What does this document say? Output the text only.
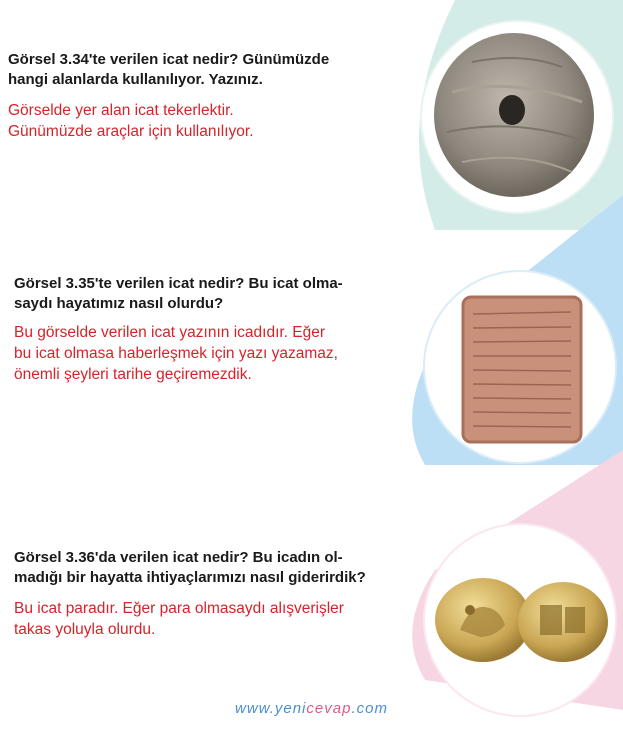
Görsel 3.34'te verilen icat nedir? Günümüzde
hangi alanlarda kullanılıyor. Yazınız.
Görselde yer alan icat tekerlektir.
Günümüzde araçlar için kullanılıyor.
Görsel 3.35'te verilen icat nedir? Bu icat olma-
saydı hayatımız nasıl olurdu?
Bu görselde verilen icat yazının icadıdır. Eğer
bu icat olmasa haberleşmek için yazı yazamaz,
önemli şeyleri tarihe geçiremezdik.
Görsel 3.36'da verilen icat nedir? Bu icadın ol-
madığı bir hayatta ihtiyaçlarımızı nasıl giderirdik?
Bu icat paradır. Eğer para olmasaydı alışverişler
takas yoluyla olurdu.
www.yenicevap.com
